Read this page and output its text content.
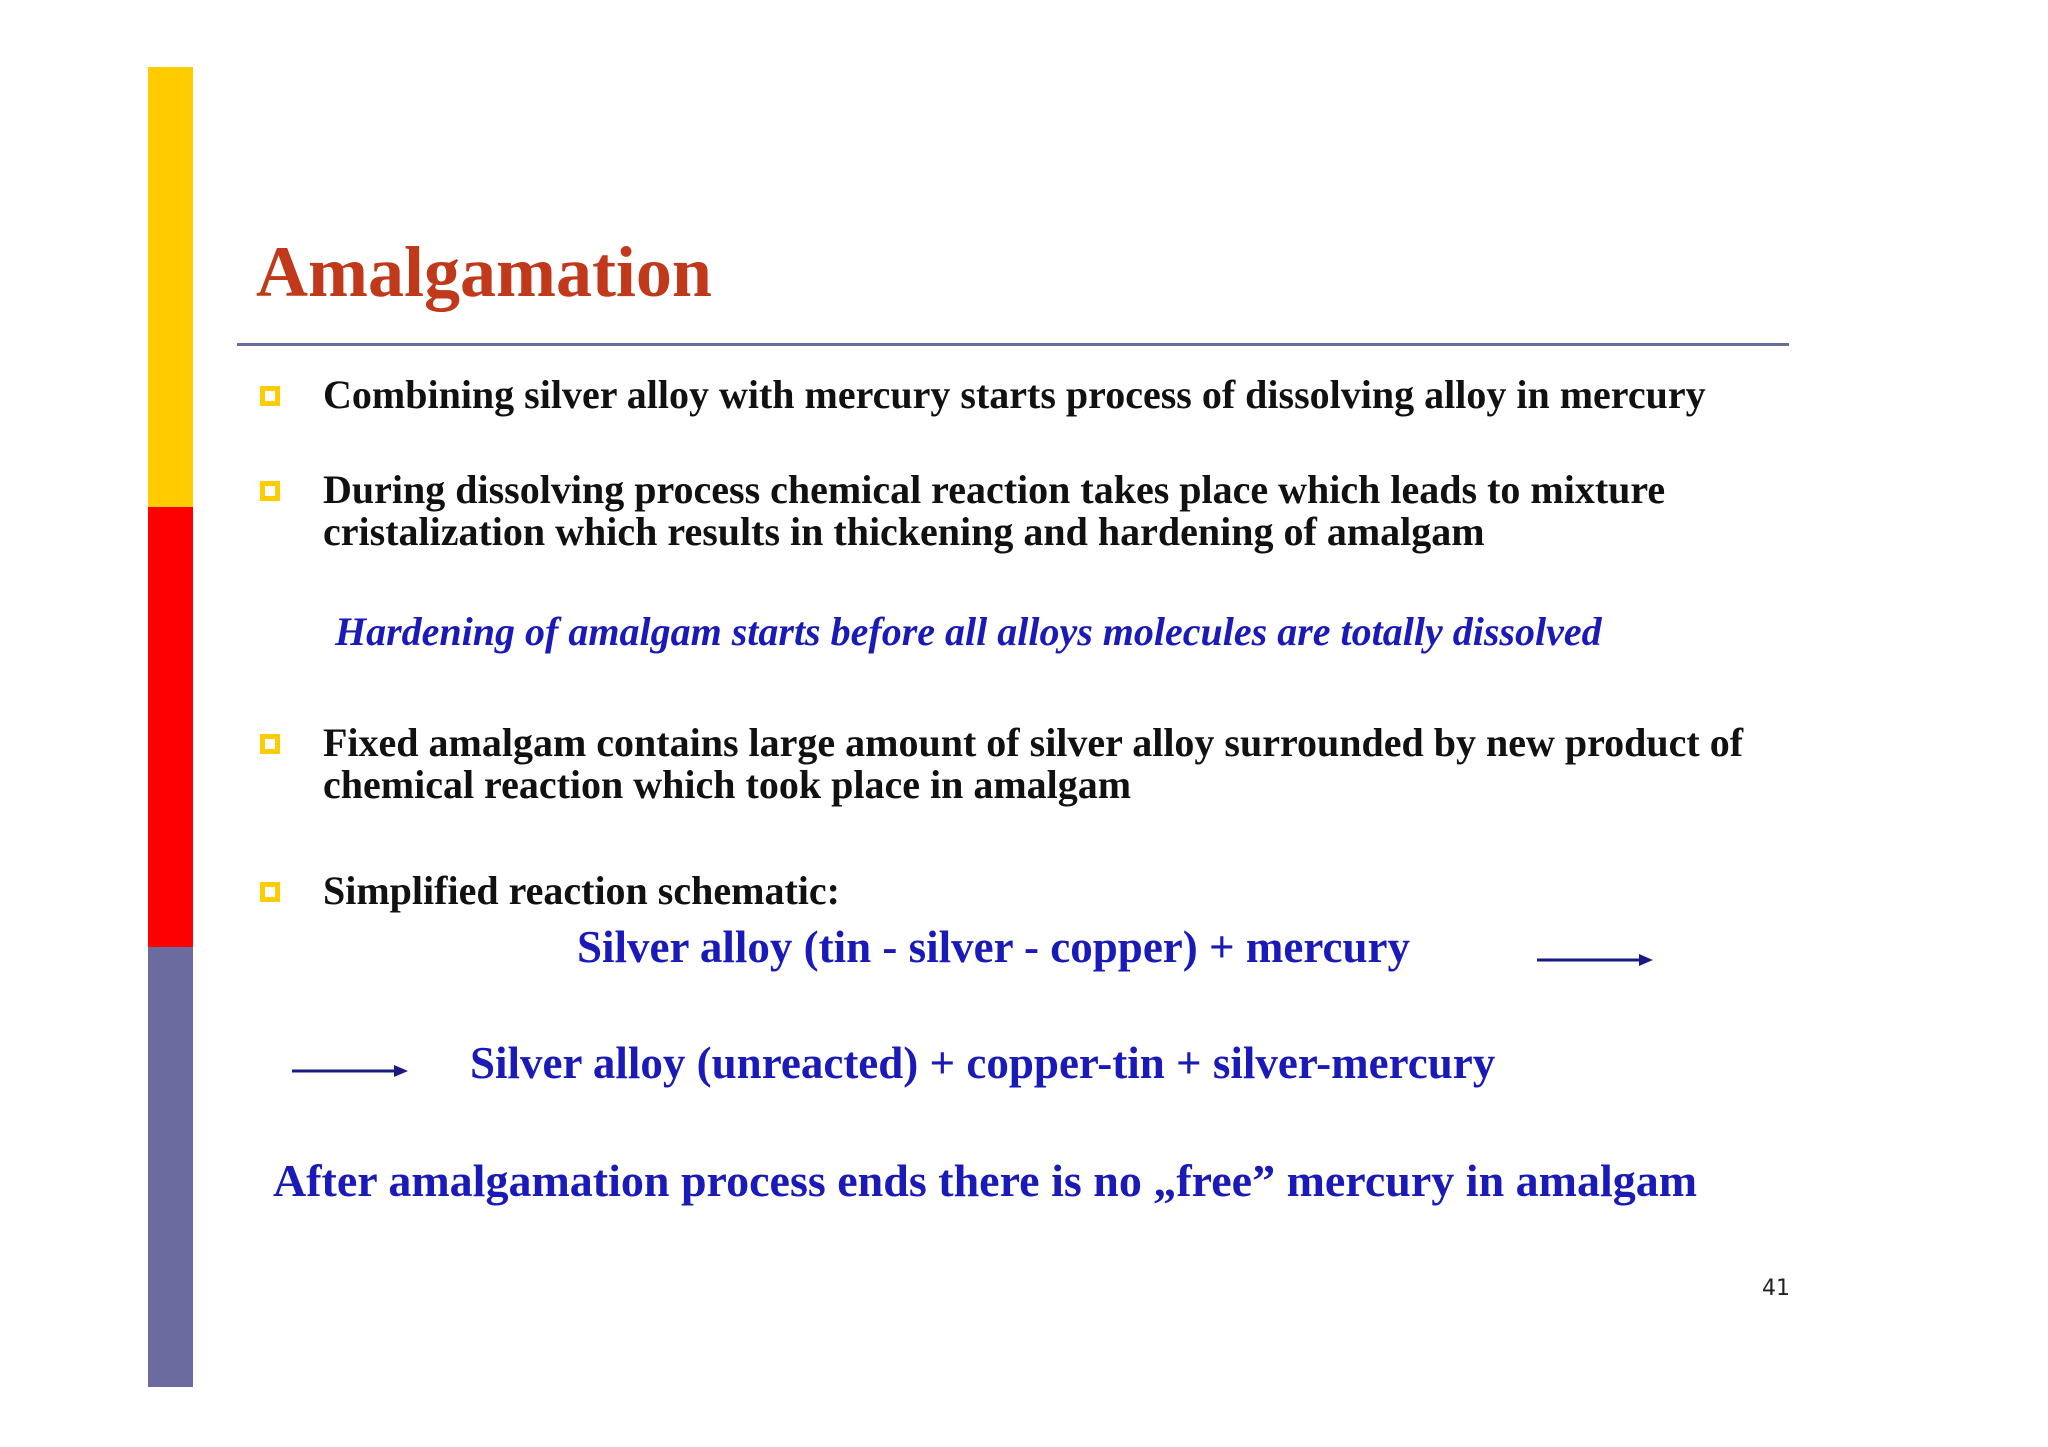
Amalgamation
Combining silver alloy with mercury starts process of dissolving alloy in mercury
During dissolving process chemical reaction takes place which leads to mixture cristalization which results in thickening and hardening of amalgam
Hardening of amalgam starts before all alloys molecules are totally dissolved
Fixed amalgam contains large amount of silver alloy surrounded by new product of chemical reaction which took place in amalgam
Simplified reaction schematic:
Silver alloy (tin - silver - copper) + mercury
Silver alloy (unreacted) + copper-tin + silver-mercury
After amalgamation process ends there is no „free” mercury in amalgam
41
